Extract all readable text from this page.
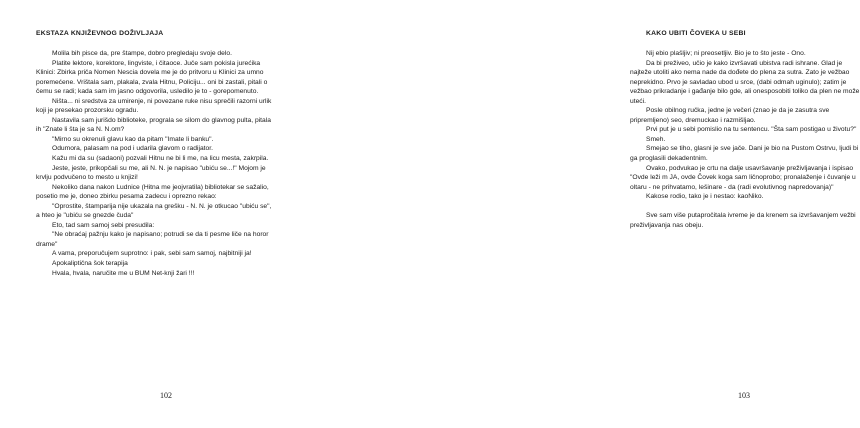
EKSTAZA KNJIŽEVNOG DOŽIVLJAJA

Molila bih pisce da, pre štampe, dobro pregledaju svoje delo.

Platite lektore, korektore, lingviste, i čitaoce. Juče sam pokisla jurećika Klinici: Zbirka priča Nomen Nescia dovela me je do pritvoru u Klinici za umno poremećene. Vrištala sam, plakala, zvala Hitnu, Policiju... oni bi zastali, pitali o čemu se radi; kada sam im jasno odgovorila, usledilo je to - gorepomenuto.

Ništa... ni sredstva za umirenje, ni povezane ruke nisu sprečili razorni urlik koji je presekao prozorsku ogradu.

Nastavila sam jurišdo biblioteke, prograla se silom do glavnog pulta, pitala ih "Znate li šta je sa N. N.om?

"Mirno su okrenuli glavu kao da pitam "Imate li banku".

Odumora, palasam na pod i udarila glavom o radijator.

Kažu mi da su (sadaoni) pozvali Hitnu ne bi li me, na licu mesta, zakrpila.

Jeste, jeste, prikopčali su me, ali N. N. je napisao "ubiću se...!" Mojom je krvlju podvučeno to mesto u knjizi!

Nekoliko dana nakon Ludnice (Hitna me jeojvratila) bibliotekar se sažalio, posetio me je, doneo zbirku pesama zadecu i oprezno rekao:

"Oprostite, štamparija nije ukazala na grešku - N. N. je otkucao "ubiću se", a hteo je "ubiću se gnezde čuda"

Eto, tad sam samoj sebi presudila:

"Ne obraćaj pažnju kako je napisano; potrudi se da ti pesme liče na horor drame"

A vama, preporučujem suprotno: i pak, sebi sam samoj, najbitniji ja!

Apokaliptična šok terapija

Hvala, hvala, naručite me u BUM Net-knji žari !!!

102
KAKO UBITI ČOVEKA U SEBI

Nij ebio plašljiv; ni preosetljiv. Bio je to što jeste - Ono.

Da bi preživeo, učio je kako izvršavati ubistva radi ishrane. Glad je najteže utoliti ako nema nade da dođete do plena za sutra. Zato je vežbao neprekidno. Prvo je savladao ubod u srce, (dabi odmah uginulo); zatim je vežbao prikradanje i gađanje bilo gde, ali onesposobiti toliko da plen ne može uteći.

Posle obilnog ručka, jedne je večeri (znao je da je zasutra sve pripremljeno) seo, dremuckao i razmišljao.

Prvi put je u sebi pomislio na tu sentencu. "Šta sam postigao u životu?"

Smeh.

Smejao se tiho, glasni je sve jače. Dani je bio na Pustom Ostrvu, ljudi bi ga proglasili dekadentnim.

Ovako, podvukao je crtu na dalje usavršavanje preživljavanja i ispisao "Ovde leži m JA, ovde Čovek koga sam ličnoprobo; pronalaženje i čuvanje u oltaru - ne prihvatamo, lešinare - da (radi evolutivnog napredovanja)"

Kakose rodio, tako je i nestao: kaoNiko.

Sve sam više putapročitala ivreme je da krenem sa izvršavanjem vežbi preživljavanja nas obeju.

103
